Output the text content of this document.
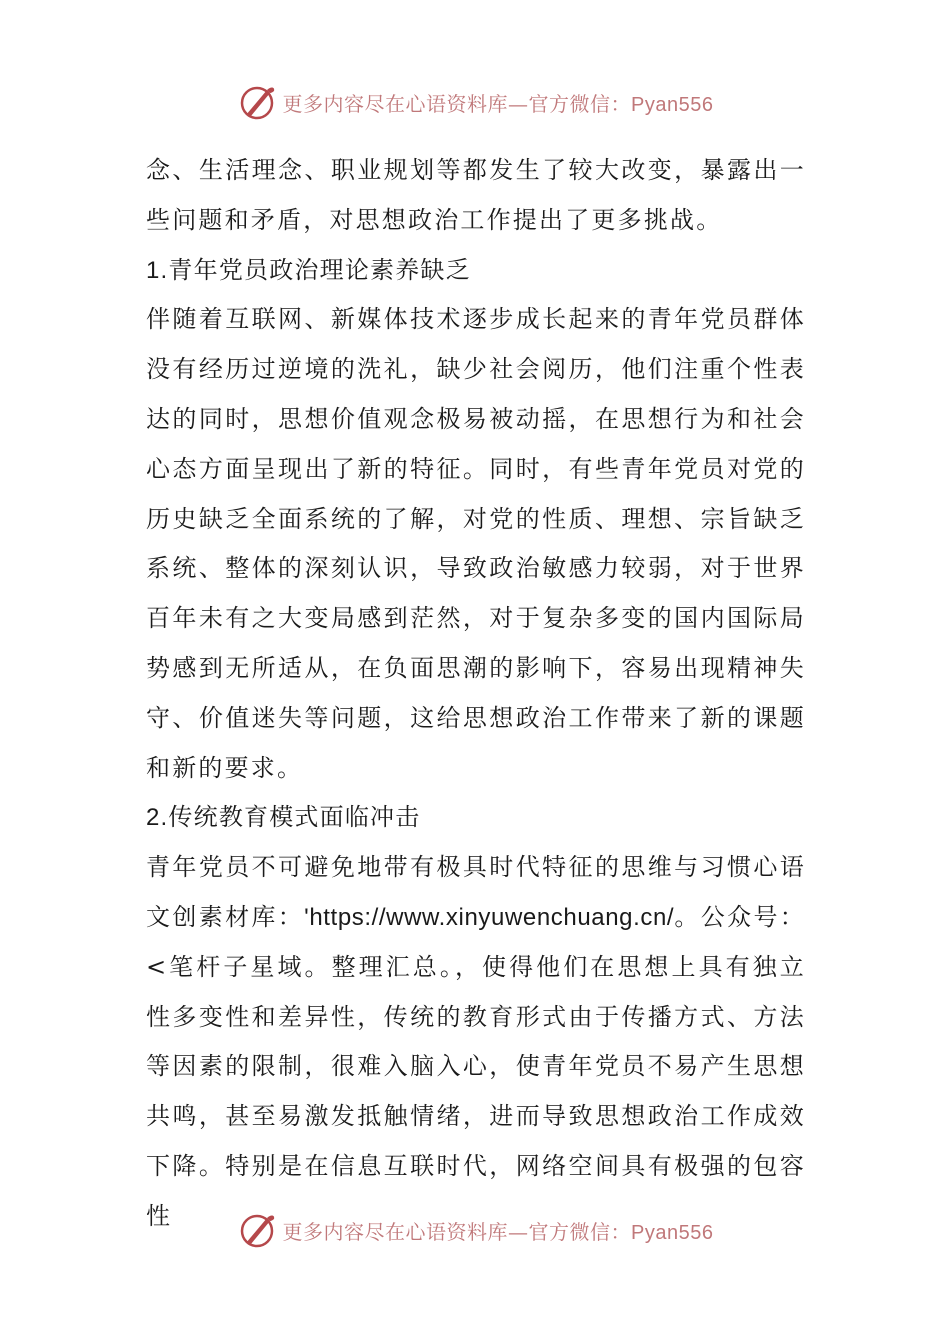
更多内容尽在心语资料库—官方微信：Pyan556

念、生活理念、职业规划等都发生了较大改变，暴露出一些问题和矛盾，对思想政治工作提出了更多挑战。

1.青年党员政治理论素养缺乏

伴随着互联网、新媒体技术逐步成长起来的青年党员群体没有经历过逆境的洗礼，缺少社会阅历，他们注重个性表达的同时，思想价值观念极易被动摇，在思想行为和社会心态方面呈现出了新的特征。同时，有些青年党员对党的历史缺乏全面系统的了解，对党的性质、理想、宗旨缺乏系统、整体的深刻认识，导致政治敏感力较弱，对于世界百年未有之大变局感到茫然，对于复杂多变的国内国际局势感到无所适从，在负面思潮的影响下，容易出现精神失守、价值迷失等问题，这给思想政治工作带来了新的课题和新的要求。

2.传统教育模式面临冲击

青年党员不可避免地带有极具时代特征的思维与习惯心语文创素材库：'https://www.xinyuwenchuang.cn/。公众号：<笔杆子星域。整理汇总。，使得他们在思想上具有独立性多变性和差异性，传统的教育形式由于传播方式、方法等因素的限制，很难入脑入心，使青年党员不易产生思想共鸣，甚至易激发抵触情绪，进而导致思想政治工作成效下降。特别是在信息互联时代，网络空间具有极强的包容性

更多内容尽在心语资料库—官方微信：Pyan556
